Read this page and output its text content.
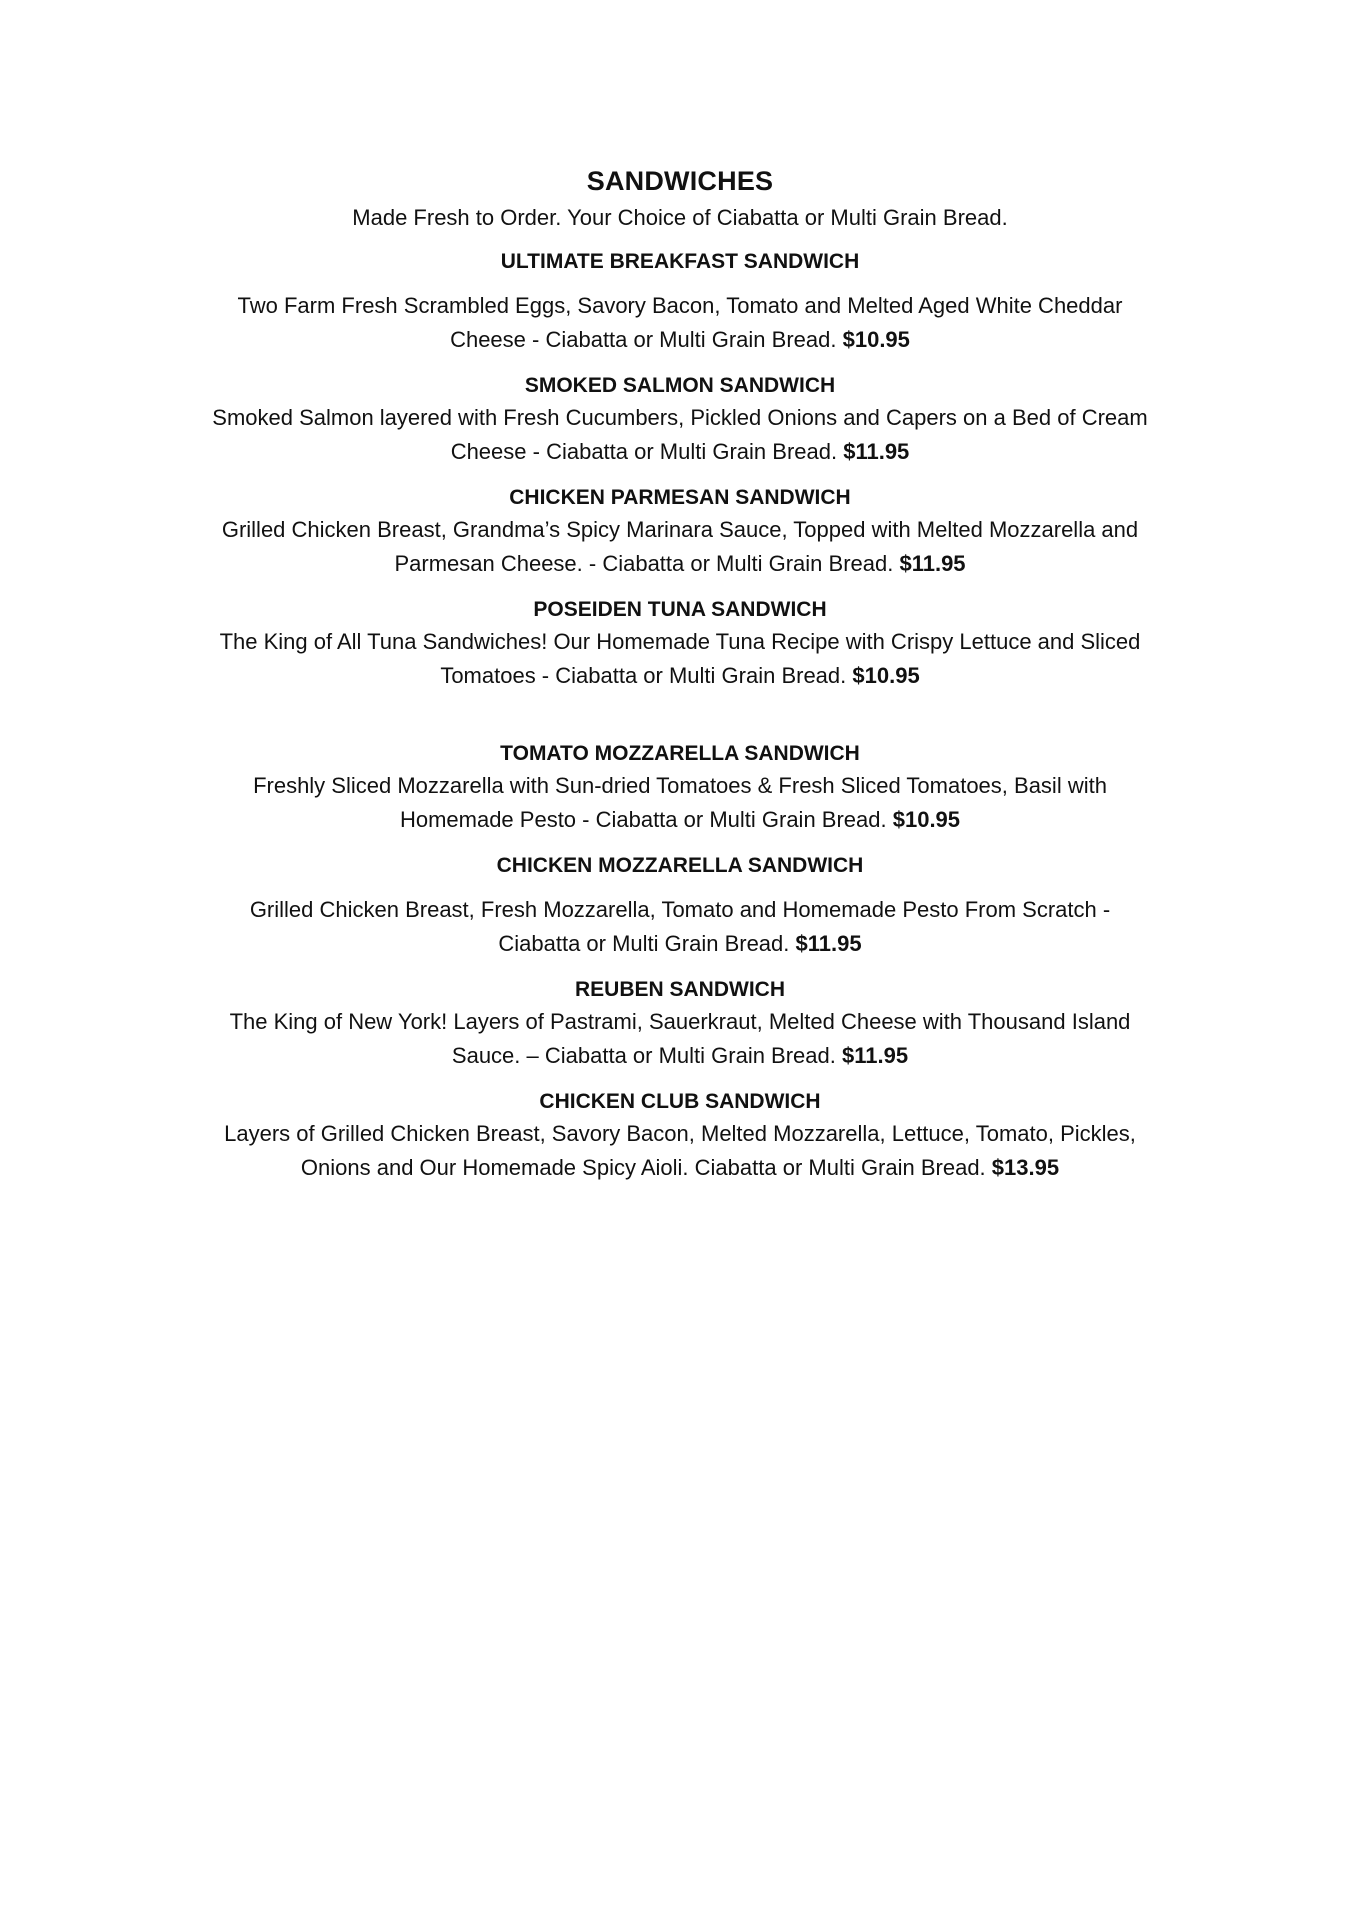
SANDWICHES

Made Fresh to Order. Your Choice of Ciabatta or Multi Grain Bread.

ULTIMATE BREAKFAST SANDWICH

Two Farm Fresh Scrambled Eggs, Savory Bacon, Tomato and Melted Aged White Cheddar
Cheese - Ciabatta or Multi Grain Bread. $10.95

SMOKED SALMON SANDWICH

Smoked Salmon layered with Fresh Cucumbers, Pickled Onions and Capers on a Bed of Cream
Cheese - Ciabatta or Multi Grain Bread. $11.95

CHICKEN PARMESAN SANDWICH

Grilled Chicken Breast, Grandma’s Spicy Marinara Sauce, Topped with Melted Mozzarella and
Parmesan Cheese. - Ciabatta or Multi Grain Bread. $11.95

POSEIDEN TUNA SANDWICH

The King of All Tuna Sandwiches! Our Homemade Tuna Recipe with Crispy Lettuce and Sliced
Tomatoes - Ciabatta or Multi Grain Bread. $10.95

TOMATO MOZZARELLA SANDWICH

Freshly Sliced Mozzarella with Sun-dried Tomatoes & Fresh Sliced Tomatoes, Basil with
Homemade Pesto - Ciabatta or Multi Grain Bread. $10.95

CHICKEN MOZZARELLA SANDWICH

Grilled Chicken Breast, Fresh Mozzarella, Tomato and Homemade Pesto From Scratch -
Ciabatta or Multi Grain Bread. $11.95

REUBEN SANDWICH

The King of New York! Layers of Pastrami, Sauerkraut, Melted Cheese with Thousand Island
Sauce. – Ciabatta or Multi Grain Bread. $11.95

CHICKEN CLUB SANDWICH

Layers of Grilled Chicken Breast, Savory Bacon, Melted Mozzarella, Lettuce, Tomato, Pickles,
Onions and Our Homemade Spicy Aioli. Ciabatta or Multi Grain Bread. $13.95
